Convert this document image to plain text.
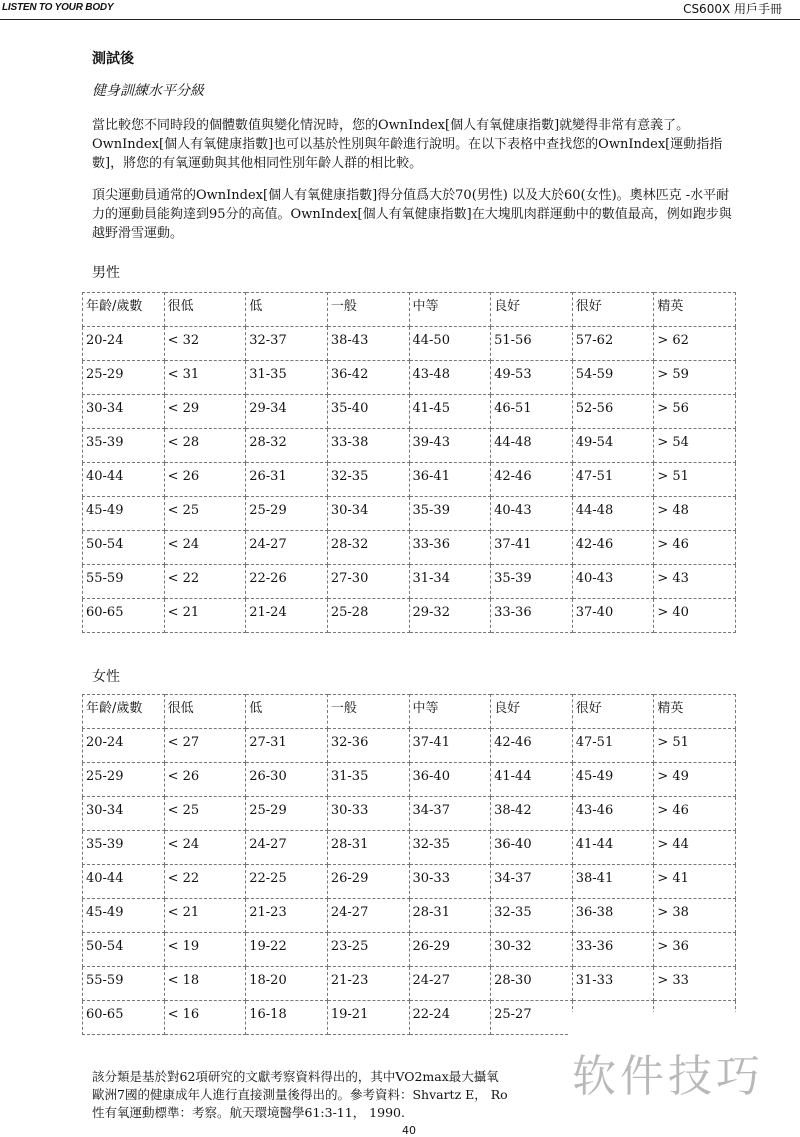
LISTEN TO YOUR BODY	CS600X 用戶手冊
測試後
健身訓練水平分級
當比較您不同時段的個體數值與變化情況時，您的OwnIndex[個人有氧健康指數]就變得非常有意義了。OwnIndex[個人有氧健康指數]也可以基於性別與年齡進行說明。在以下表格中查找您的OwnIndex[運動指指數]，將您的有氧運動與其他相同性別年齡人群的相比較。
頂尖運動員通常的OwnIndex[個人有氧健康指數]得分值爲大於70(男性) 以及大於60(女性)。奧林匹克 -水平耐力的運動員能夠達到95分的高值。OwnIndex[個人有氧健康指數]在大塊肌肉群運動中的數值最高，例如跑步與越野滑雪運動。
男性
年齡/歲數	很低	低	一般	中等	良好	很好	精英
20-24	< 32	32-37	38-43	44-50	51-56	57-62	> 62
25-29	< 31	31-35	36-42	43-48	49-53	54-59	> 59
30-34	< 29	29-34	35-40	41-45	46-51	52-56	> 56
35-39	< 28	28-32	33-38	39-43	44-48	49-54	> 54
40-44	< 26	26-31	32-35	36-41	42-46	47-51	> 51
45-49	< 25	25-29	30-34	35-39	40-43	44-48	> 48
50-54	< 24	24-27	28-32	33-36	37-41	42-46	> 46
55-59	< 22	22-26	27-30	31-34	35-39	40-43	> 43
60-65	< 21	21-24	25-28	29-32	33-36	37-40	> 40
女性
年齡/歲數	很低	低	一般	中等	良好	很好	精英
20-24	< 27	27-31	32-36	37-41	42-46	47-51	> 51
25-29	< 26	26-30	31-35	36-40	41-44	45-49	> 49
30-34	< 25	25-29	30-33	34-37	38-42	43-46	> 46
35-39	< 24	24-27	28-31	32-35	36-40	41-44	> 44
40-44	< 22	22-25	26-29	30-33	34-37	38-41	> 41
45-49	< 21	21-23	24-27	28-31	32-35	36-38	> 38
50-54	< 19	19-22	23-25	26-29	30-32	33-36	> 36
55-59	< 18	18-20	21-23	24-27	28-30	31-33	> 33
60-65	< 16	16-18	19-21	22-24	25-27		
該分類是基於對62項研究的文獻考察資料得出的，其中VO2max最大攝氧
歐洲7國的健康成年人進行直接測量後得出的。參考資料：Shvartz E， Ro
性有氧運動標準：考察。航天環境醫學61:3-11， 1990.
软件技巧
40
